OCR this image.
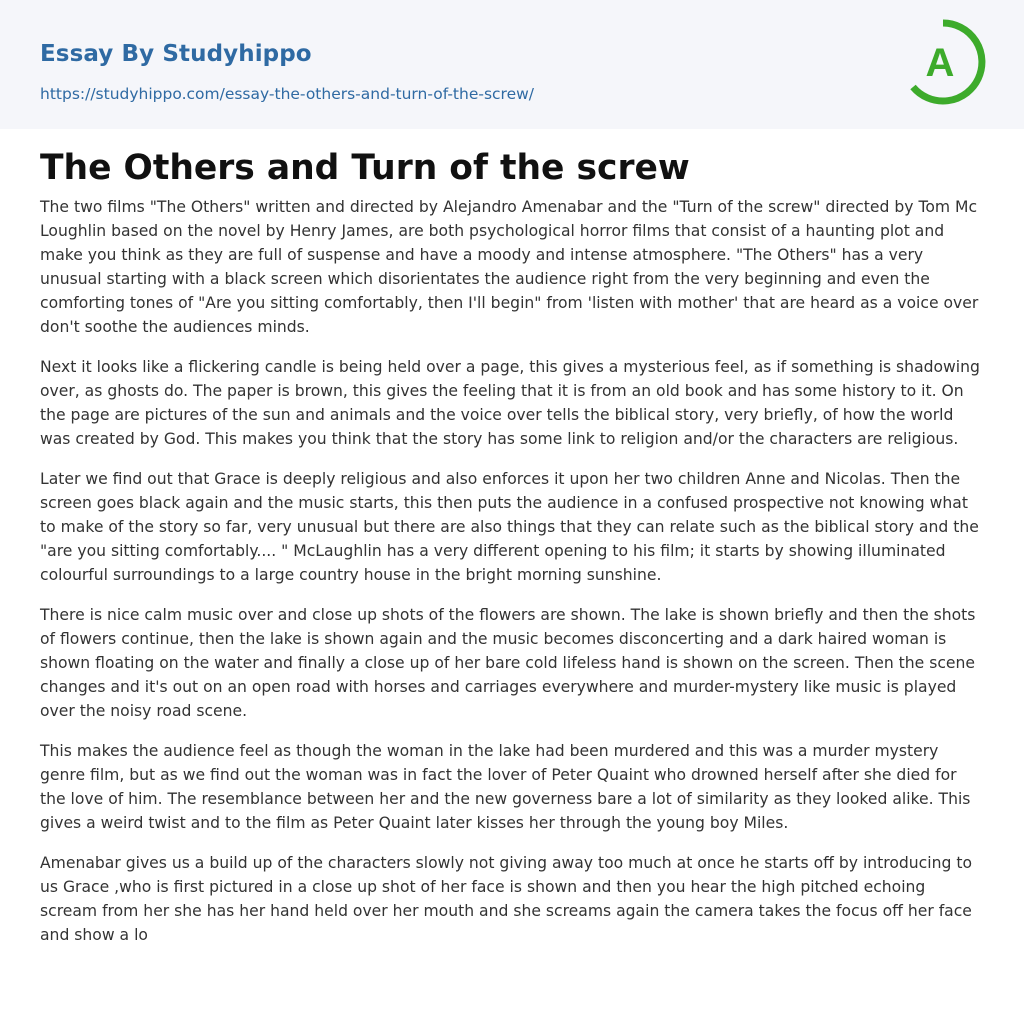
Essay By Studyhippo
https://studyhippo.com/essay-the-others-and-turn-of-the-screw/
A
The Others and Turn of the screw

The two films "The Others" written and directed by Alejandro Amenabar and the "Turn of the screw" directed by Tom Mc Loughlin based on the novel by Henry James, are both psychological horror films that consist of a haunting plot and make you think as they are full of suspense and have a moody and intense atmosphere. "The Others" has a very unusual starting with a black screen which disorientates the audience right from the very beginning and even the comforting tones of "Are you sitting comfortably, then I'll begin" from 'listen with mother' that are heard as a voice over don't soothe the audiences minds.

Next it looks like a flickering candle is being held over a page, this gives a mysterious feel, as if something is shadowing over, as ghosts do. The paper is brown, this gives the feeling that it is from an old book and has some history to it. On the page are pictures of the sun and animals and the voice over tells the biblical story, very briefly, of how the world was created by God. This makes you think that the story has some link to religion and/or the characters are religious.

Later we find out that Grace is deeply religious and also enforces it upon her two children Anne and Nicolas. Then the screen goes black again and the music starts, this then puts the audience in a confused prospective not knowing what to make of the story so far, very unusual but there are also things that they can relate such as the biblical story and the "are you sitting comfortably.... " McLaughlin has a very different opening to his film; it starts by showing illuminated colourful surroundings to a large country house in the bright morning sunshine.

There is nice calm music over and close up shots of the flowers are shown. The lake is shown briefly and then the shots of flowers continue, then the lake is shown again and the music becomes disconcerting and a dark haired woman is shown floating on the water and finally a close up of her bare cold lifeless hand is shown on the screen. Then the scene changes and it's out on an open road with horses and carriages everywhere and murder-mystery like music is played over the noisy road scene.

This makes the audience feel as though the woman in the lake had been murdered and this was a murder mystery genre film, but as we find out the woman was in fact the lover of Peter Quaint who drowned herself after she died for the love of him. The resemblance between her and the new governess bare a lot of similarity as they looked alike. This gives a weird twist and to the film as Peter Quaint later kisses her through the young boy Miles.

Amenabar gives us a build up of the characters slowly not giving away too much at once he starts off by introducing to us Grace ,who is first pictured in a close up shot of her face is shown and then you hear the high pitched echoing scream from her she has her hand held over her mouth and she screams again the camera takes the focus off her face and show a lo
